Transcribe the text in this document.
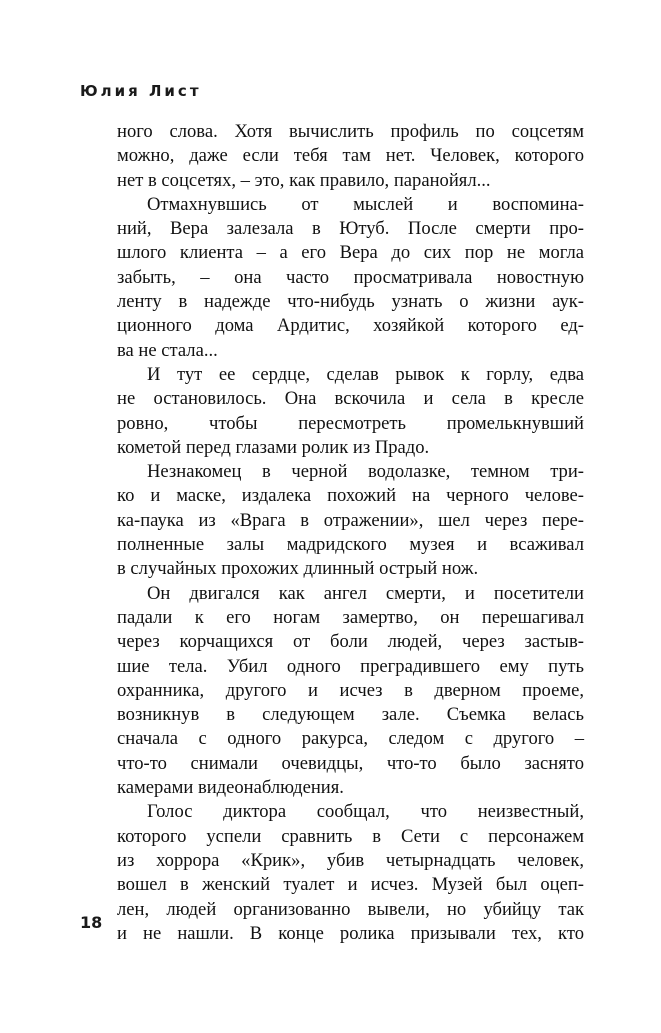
Юлия Лист
ного слова. Хотя вычислить профиль по соцсетям
можно, даже если тебя там нет. Человек, которого
нет в соцсетях, – это, как правило, паранойял...
Отмахнувшись от мыслей и воспомина-
ний, Вера залезала в Ютуб. После смерти про-
шлого клиента – а его Вера до сих пор не могла
забыть, – она часто просматривала новостную
ленту в надежде что-нибудь узнать о жизни аук-
ционного дома Ардитис, хозяйкой которого ед-
ва не стала...
И тут ее сердце, сделав рывок к горлу, едва
не остановилось. Она вскочила и села в кресле
ровно, чтобы пересмотреть промелькнувший
кометой перед глазами ролик из Прадо.
Незнакомец в черной водолазке, темном три-
ко и маске, издалека похожий на черного челове-
ка-паука из «Врага в отражении», шел через пере-
полненные залы мадридского музея и всаживал
в случайных прохожих длинный острый нож.
Он двигался как ангел смерти, и посетители
падали к его ногам замертво, он перешагивал
через корчащихся от боли людей, через застыв-
шие тела. Убил одного преградившего ему путь
охранника, другого и исчез в дверном проеме,
возникнув в следующем зале. Съемка велась
сначала с одного ракурса, следом с другого –
что-то снимали очевидцы, что-то было заснято
камерами видеонаблюдения.
Голос диктора сообщал, что неизвестный,
которого успели сравнить в Сети с персонажем
из хоррора «Крик», убив четырнадцать человек,
вошел в женский туалет и исчез. Музей был оцеп-
лен, людей организованно вывели, но убийцу так
и не нашли. В конце ролика призывали тех, кто
18
